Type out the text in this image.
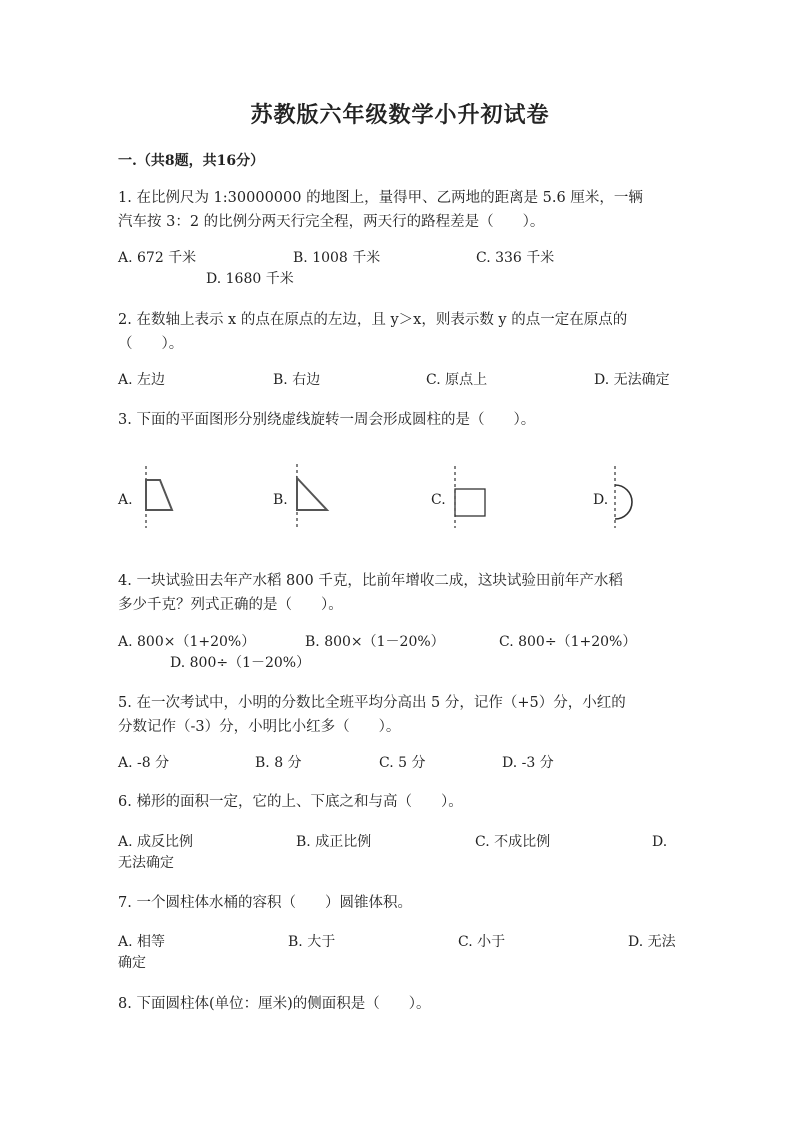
苏教版六年级数学小升初试卷
一.（共8题，共16分）
1. 在比例尺为 1:30000000 的地图上，量得甲、乙两地的距离是 5.6 厘米，一辆
汽车按 3：2 的比例分两天行完全程，两天行的路程差是（　　）。
A. 672 千米	B. 1008 千米	C. 336 千米
D. 1680 千米
2. 在数轴上表示 x 的点在原点的左边，且 y＞x，则表示数 y 的点一定在原点的
（　　）。
A. 左边	B. 右边	C. 原点上	D. 无法确定
3. 下面的平面图形分别绕虚线旋转一周会形成圆柱的是（　　）。
A.	B.	C.	D.
4. 一块试验田去年产水稻 800 千克，比前年增收二成，这块试验田前年产水稻
多少千克？列式正确的是（　　）。
A. 800×（1+20%）	B. 800×（1－20%）	C. 800÷（1+20%）
D. 800÷（1－20%）
5. 在一次考试中，小明的分数比全班平均分高出 5 分，记作（+5）分，小红的
分数记作（-3）分，小明比小红多（　　）。
A. -8 分	B. 8 分	C. 5 分	D. -3 分
6. 梯形的面积一定，它的上、下底之和与高（　　）。
A. 成反比例	B. 成正比例	C. 不成比例	D.
无法确定
7. 一个圆柱体水桶的容积（　　）圆锥体积。
A. 相等	B. 大于	C. 小于	D. 无法
确定
8. 下面圆柱体(单位：厘米)的侧面积是（　　）。
